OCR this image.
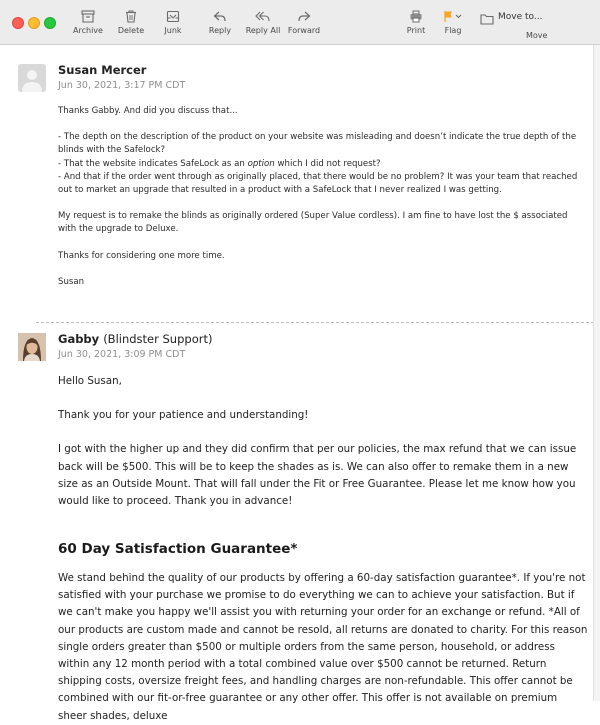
Archive	Delete	Junk	Reply	Reply All Forward	Print	Flag
Move to...
Move
Susan Mercer
Jun 30, 2021, 3:17 PM CDT

Thanks Gabby. And did you discuss that...

- The depth on the description of the product on your website was misleading and doesn’t indicate the true depth of the blinds with the Safelock?

- That the website indicates SafeLock as an option which I did not request?

- And that if the order went through as originally placed, that there would be no problem? It was your team that reached out to market an upgrade that resulted in a product with a SafeLock that I never realized I was getting.

My request is to remake the blinds as originally ordered (Super Value cordless). I am fine to have lost the $ associated with the upgrade to Deluxe.

Thanks for considering one more time.

Susan

Gabby (Blindster Support)
Jun 30, 2021, 3:09 PM CDT

Hello Susan,

Thank you for your patience and understanding!

I got with the higher up and they did confirm that per our policies, the max refund that we can issue back will be $500. This will be to keep the shades as is. We can also offer to remake them in a new size as an Outside Mount. That will fall under the Fit or Free Guarantee. Please let me know how you would like to proceed. Thank you in advance!

60 Day Satisfaction Guarantee*
We stand behind the quality of our products by offering a 60-day satisfaction guarantee*. If you're not satisfied with your purchase we promise to do everything we can to achieve your satisfaction. But if we can't make you happy we'll assist you with returning your order for an exchange or refund. *All of our products are custom made and cannot be resold, all returns are donated to charity. For this reason single orders greater than $500 or multiple orders from the same person, household, or address within any 12 month period with a total combined value over $500 cannot be returned. Return shipping costs, oversize freight fees, and handling charges are non-refundable. This offer cannot be combined with our fit-or-free guarantee or any other offer. This offer is not available on premium sheer shades, deluxe
